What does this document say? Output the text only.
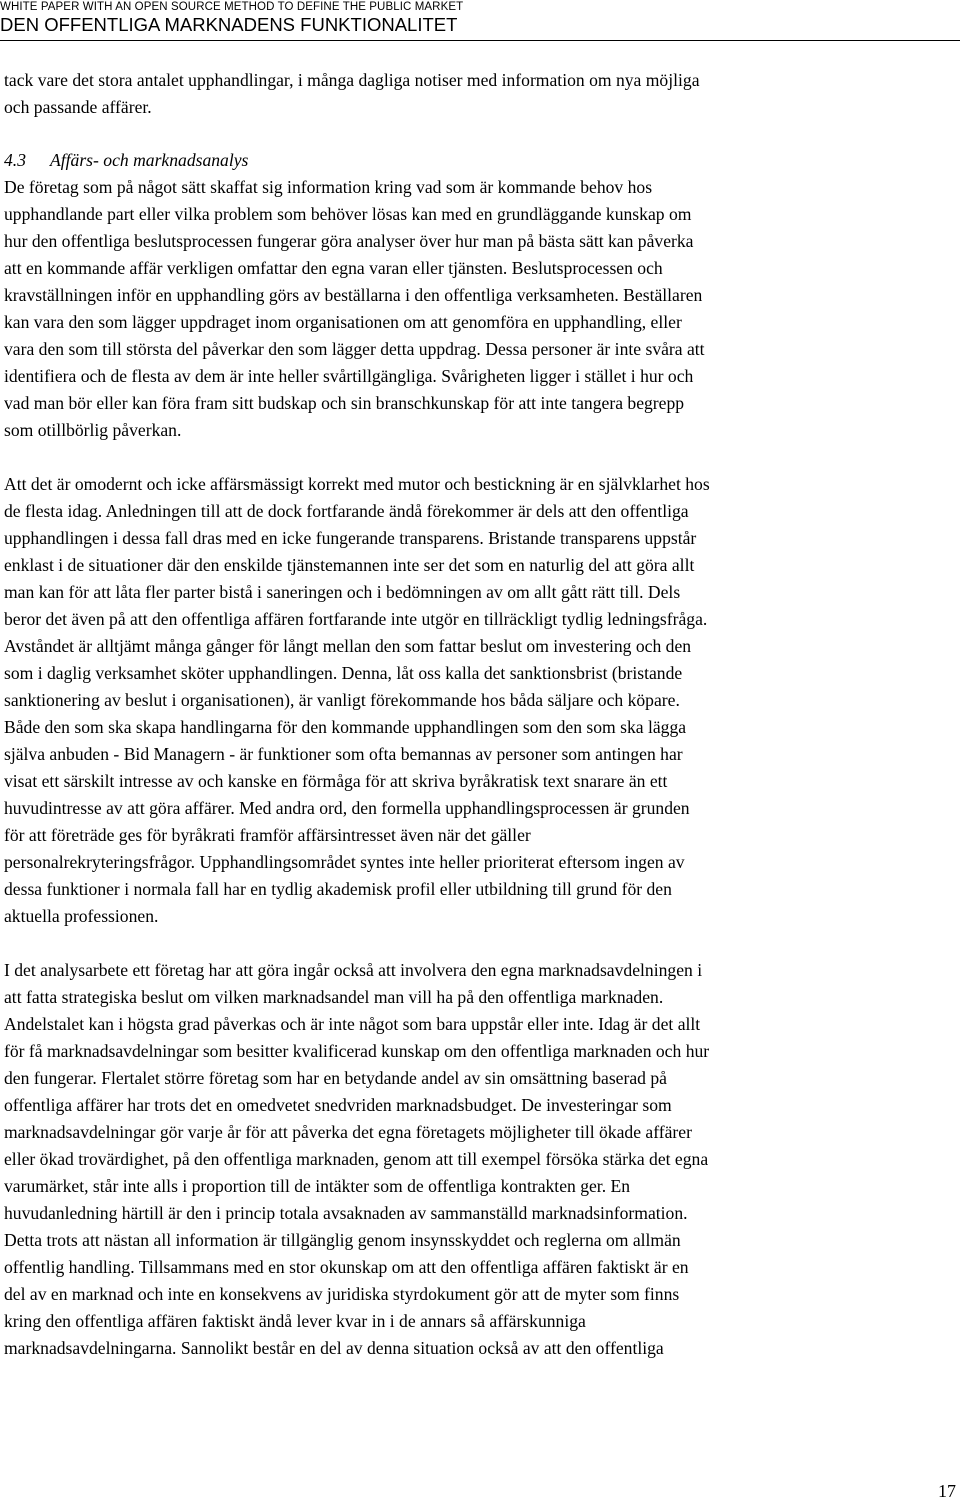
WHITE PAPER WITH AN OPEN SOURCE METHOD TO DEFINE THE PUBLIC MARKET
DEN OFFENTLIGA MARKNADENS FUNKTIONALITET

tack vare det stora antalet upphandlingar, i många dagliga notiser med information om nya möjliga

och passande affärer.

4.3 Affärs- och marknadsanalys

De företag som på något sätt skaffat sig information kring vad som är kommande behov hos

upphandlande part eller vilka problem som behöver lösas kan med en grundläggande kunskap om

hur den offentliga beslutsprocessen fungerar göra analyser över hur man på bästa sätt kan påverka

att en kommande affär verkligen omfattar den egna varan eller tjänsten. Beslutsprocessen och

kravställningen inför en upphandling görs av beställarna i den offentliga verksamheten. Beställaren

kan vara den som lägger uppdraget inom organisationen om att genomföra en upphandling, eller

vara den som till största del påverkar den som lägger detta uppdrag. Dessa personer är inte svåra att

identifiera och de flesta av dem är inte heller svårtillgängliga. Svårigheten ligger i stället i hur och

vad man bör eller kan föra fram sitt budskap och sin branschkunskap för att inte tangera begrepp

som otillbörlig påverkan.

Att det är omodernt och icke affärsmässigt korrekt med mutor och bestickning är en självklarhet hos

de flesta idag. Anledningen till att de dock fortfarande ändå förekommer är dels att den offentliga

upphandlingen i dessa fall dras med en icke fungerande transparens. Bristande transparens uppstår

enklast i de situationer där den enskilde tjänstemannen inte ser det som en naturlig del att göra allt

man kan för att låta fler parter bistå i saneringen och i bedömningen av om allt gått rätt till. Dels

beror det även på att den offentliga affären fortfarande inte utgör en tillräckligt tydlig ledningsfråga.

Avståndet är alltjämt många gånger för långt mellan den som fattar beslut om investering och den

som i daglig verksamhet sköter upphandlingen. Denna, låt oss kalla det sanktionsbrist (bristande

sanktionering av beslut i organisationen), är vanligt förekommande hos båda säljare och köpare.

Både den som ska skapa handlingarna för den kommande upphandlingen som den som ska lägga

själva anbuden - Bid Managern - är funktioner som ofta bemannas av personer som antingen har

visat ett särskilt intresse av och kanske en förmåga för att skriva byråkratisk text snarare än ett

huvudintresse av att göra affärer. Med andra ord, den formella upphandlingsprocessen är grunden

för att företräde ges för byråkrati framför affärsintresset även när det gäller

personalrekryteringsfrågor. Upphandlingsområdet syntes inte heller prioriterat eftersom ingen av

dessa funktioner i normala fall har en tydlig akademisk profil eller utbildning till grund för den

aktuella professionen.

I det analysarbete ett företag har att göra ingår också att involvera den egna marknadsavdelningen i

att fatta strategiska beslut om vilken marknadsandel man vill ha på den offentliga marknaden.

Andelstalet kan i högsta grad påverkas och är inte något som bara uppstår eller inte. Idag är det allt

för få marknadsavdelningar som besitter kvalificerad kunskap om den offentliga marknaden och hur

den fungerar. Flertalet större företag som har en betydande andel av sin omsättning baserad på

offentliga affärer har trots det en omedvetet snedvriden marknadsbudget. De investeringar som

marknadsavdelningar gör varje år för att påverka det egna företagets möjligheter till ökade affärer

eller ökad trovärdighet, på den offentliga marknaden, genom att till exempel försöka stärka det egna

varumärket, står inte alls i proportion till de intäkter som de offentliga kontrakten ger. En

huvudanledning härtill är den i princip totala avsaknaden av sammanställd marknadsinformation.

Detta trots att nästan all information är tillgänglig genom insynsskyddet och reglerna om allmän

offentlig handling. Tillsammans med en stor okunskap om att den offentliga affären faktiskt är en

del av en marknad och inte en konsekvens av juridiska styrdokument gör att de myter som finns

kring den offentliga affären faktiskt ändå lever kvar in i de annars så affärskunniga

marknadsavdelningarna. Sannolikt består en del av denna situation också av att den offentliga

17
